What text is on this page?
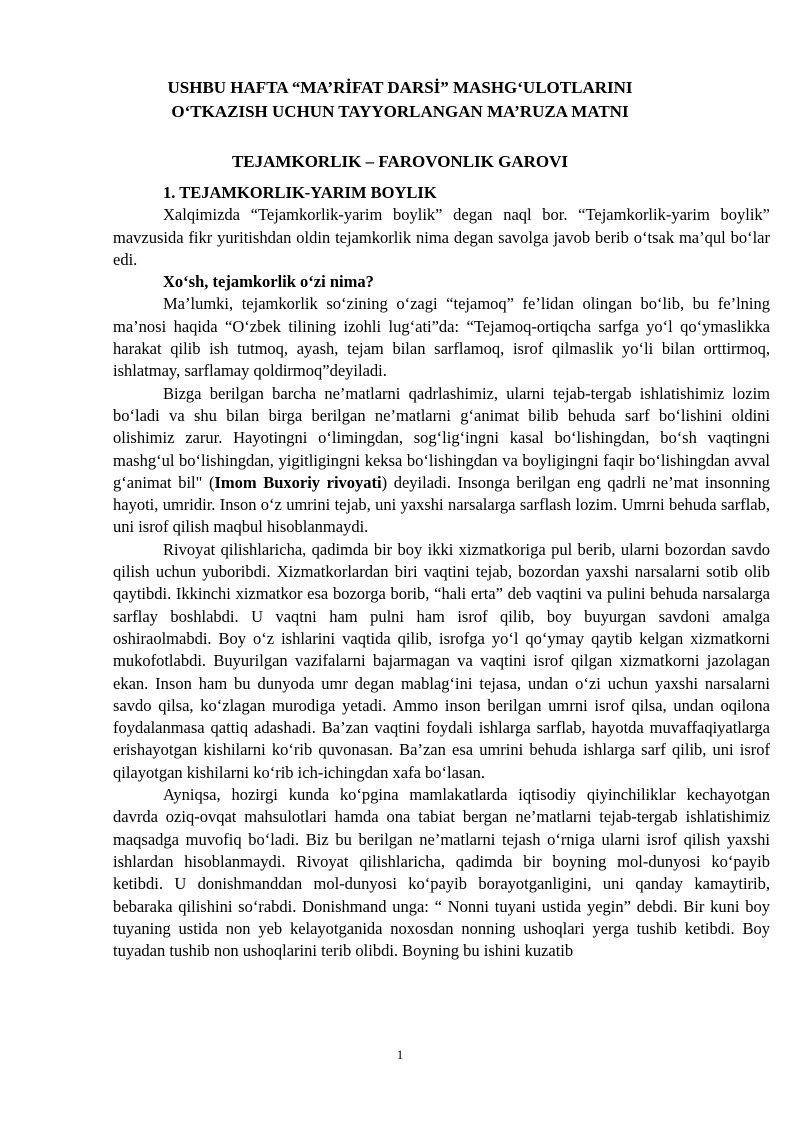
USHBU HAFTA “MA’RİFAT DARSİ” MASHG‘ULOTLARINI

O‘TKAZISH UCHUN TAYYORLANGAN MA’RUZA MATNI

TEJAMKORLIK – FAROVONLIK GAROVI

1. TEJAMKORLIK-YARIM BOYLIK

Xalqimizda “Tejamkorlik-yarim boylik” degan naql bor. “Tejamkorlik-yarim boylik” mavzusida fikr yuritishdan oldin tejamkorlik nima degan savolga javob berib o‘tsak ma’qul bo‘lar edi.

Xo‘sh, tejamkorlik o‘zi nima?

Ma’lumki, tejamkorlik so‘zining o‘zagi “tejamoq” fe’lidan olingan bo‘lib, bu fe’lning ma’nosi haqida “O‘zbek tilining izohli lug‘ati”da: “Tejamoq-ortiqcha sarfga yo‘l qo‘ymaslikka harakat qilib ish tutmoq, ayash, tejam bilan sarflamoq, isrof qilmaslik yo‘li bilan orttirmoq, ishlatmay, sarflamay qoldirmoq”deyiladi.

Bizga berilgan barcha ne’matlarni qadrlashimiz, ularni tejab-tergab ishlatishimiz lozim bo‘ladi va shu bilan birga berilgan ne’matlarni g‘animat bilib behuda sarf bo‘lishini oldini olishimiz zarur. Hayotingni o‘limingdan, sog‘lig‘ingni kasal bo‘lishingdan, bo‘sh vaqtingni mashg‘ul bo‘lishingdan, yigitligingni keksa bo‘lishingdan va boyligingni faqir bo‘lishingdan avval g‘animat bil" (Imom Buxoriy rivoyati) deyiladi. Insonga berilgan eng qadrli ne’mat insonning hayoti, umridir. Inson o‘z umrini tejab, uni yaxshi narsalarga sarflash lozim. Umrni behuda sarflab, uni isrof qilish maqbul hisoblanmaydi.

Rivoyat qilishlaricha, qadimda bir boy ikki xizmatkoriga pul berib, ularni bozordan savdo qilish uchun yuboribdi. Xizmatkorlardan biri vaqtini tejab, bozordan yaxshi narsalarni sotib olib qaytibdi. Ikkinchi xizmatkor esa bozorga borib, “hali erta” deb vaqtini va pulini behuda narsalarga sarflay boshlabdi. U vaqtni ham pulni ham isrof qilib, boy buyurgan savdoni amalga oshiraolmabdi. Boy o‘z ishlarini vaqtida qilib, isrofga yo‘l qo‘ymay qaytib kelgan xizmatkorni mukofotlabdi. Buyurilgan vazifalarni bajarmagan va vaqtini isrof qilgan xizmatkorni jazolagan ekan. Inson ham bu dunyoda umr degan mablag‘ini tejasa, undan o‘zi uchun yaxshi narsalarni savdo qilsa, ko‘zlagan murodiga yetadi. Ammo inson berilgan umrni isrof qilsa, undan oqilona foydalanmasa qattiq adashadi. Ba’zan vaqtini foydali ishlarga sarflab, hayotda muvaffaqiyatlarga erishayotgan kishilarni ko‘rib quvonasan. Ba’zan esa umrini behuda ishlarga sarf qilib, uni isrof qilayotgan kishilarni ko‘rib ich-ichingdan xafa bo‘lasan.

Ayniqsa, hozirgi kunda ko‘pgina mamlakatlarda iqtisodiy qiyinchiliklar kechayotgan davrda oziq-ovqat mahsulotlari hamda ona tabiat bergan ne’matlarni tejab-tergab ishlatishimiz maqsadga muvofiq bo‘ladi. Biz bu berilgan ne’matlarni tejash o‘rniga ularni isrof qilish yaxshi ishlardan hisoblanmaydi. Rivoyat qilishlaricha, qadimda bir boyning mol-dunyosi ko‘payib ketibdi. U donishmanddan mol-dunyosi ko‘payib borayotganligini, uni qanday kamaytirib, bebaraka qilishini so‘rabdi. Donishmand unga: “ Nonni tuyani ustida yegin” debdi. Bir kuni boy tuyaning ustida non yeb kelayotganida noxosdan nonning ushoqlari yerga tushib ketibdi. Boy tuyadan tushib non ushoqlarini terib olibdi. Boyning bu ishini kuzatib

1
